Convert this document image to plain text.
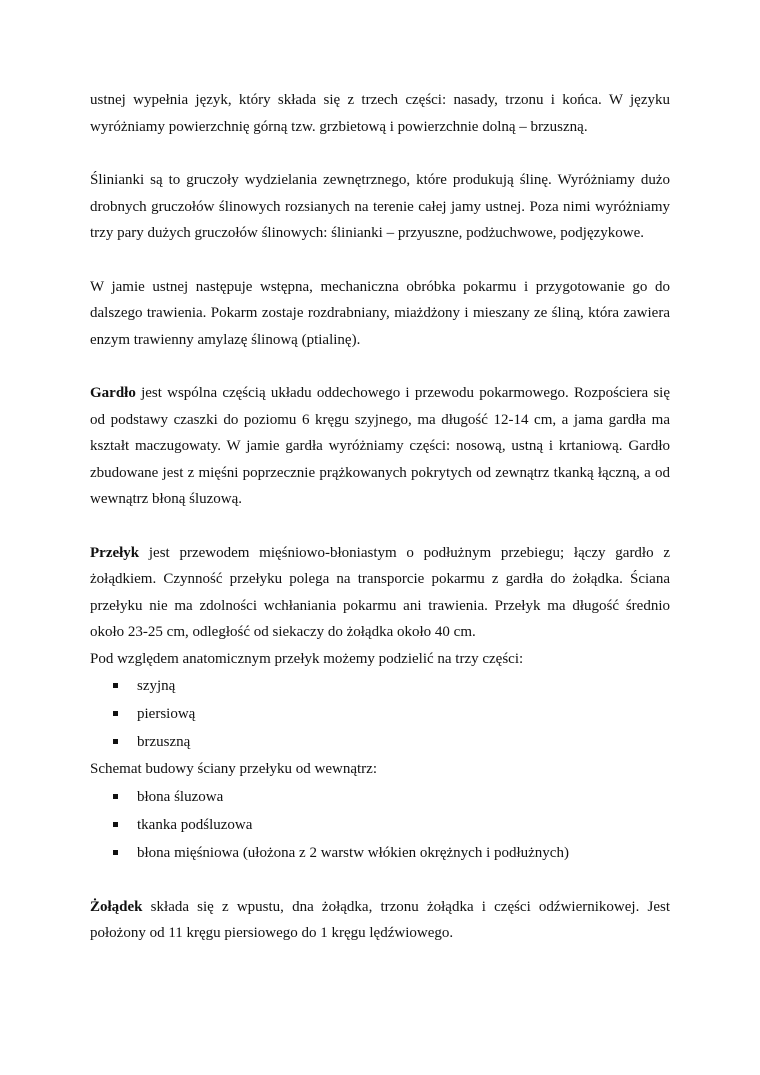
ustnej wypełnia język, który składa się z trzech części: nasady, trzonu i końca. W języku wyróżniamy powierzchnię górną tzw. grzbietową i powierzchnie dolną – brzuszną.

Ślinianki są to gruczoły wydzielania zewnętrznego, które produkują ślinę. Wyróżniamy dużo drobnych gruczołów ślinowych rozsianych na terenie całej jamy ustnej. Poza nimi wyróżniamy trzy pary dużych gruczołów ślinowych: ślinianki – przyuszne, podżuchwowe, podjęzykowe.

W jamie ustnej następuje wstępna, mechaniczna obróbka pokarmu i przygotowanie go do dalszego trawienia. Pokarm zostaje rozdrabniany, miażdżony i mieszany ze śliną, która zawiera enzym trawienny amylazę ślinową (ptialinę).

Gardło jest wspólna częścią układu oddechowego i przewodu pokarmowego. Rozpościera się od podstawy czaszki do poziomu 6 kręgu szyjnego, ma długość 12-14 cm, a jama gardła ma kształt maczugowaty. W jamie gardła wyróżniamy części: nosową, ustną i krtaniową. Gardło zbudowane jest z mięśni poprzecznie prążkowanych pokrytych od zewnątrz tkanką łączną, a od wewnątrz błoną śluzową.

Przełyk jest przewodem mięśniowo-błoniastym o podłużnym przebiegu; łączy gardło z żołądkiem. Czynność przełyku polega na transporcie pokarmu z gardła do żołądka. Ściana przełyku nie ma zdolności wchłaniania pokarmu ani trawienia. Przełyk ma długość średnio około 23-25 cm, odległość od siekaczy do żołądka około 40 cm.

Pod względem anatomicznym przełyk możemy podzielić na trzy części:

szyjną
piersiową
brzuszną

Schemat budowy ściany przełyku od wewnątrz:

błona śluzowa
tkanka podśluzowa
błona mięśniowa (ułożona z 2 warstw włókien okrężnych i podłużnych)

Żołądek składa się z wpustu, dna żołądka, trzonu żołądka i części odźwiernikowej. Jest położony od 11 kręgu piersiowego do 1 kręgu lędźwiowego.
